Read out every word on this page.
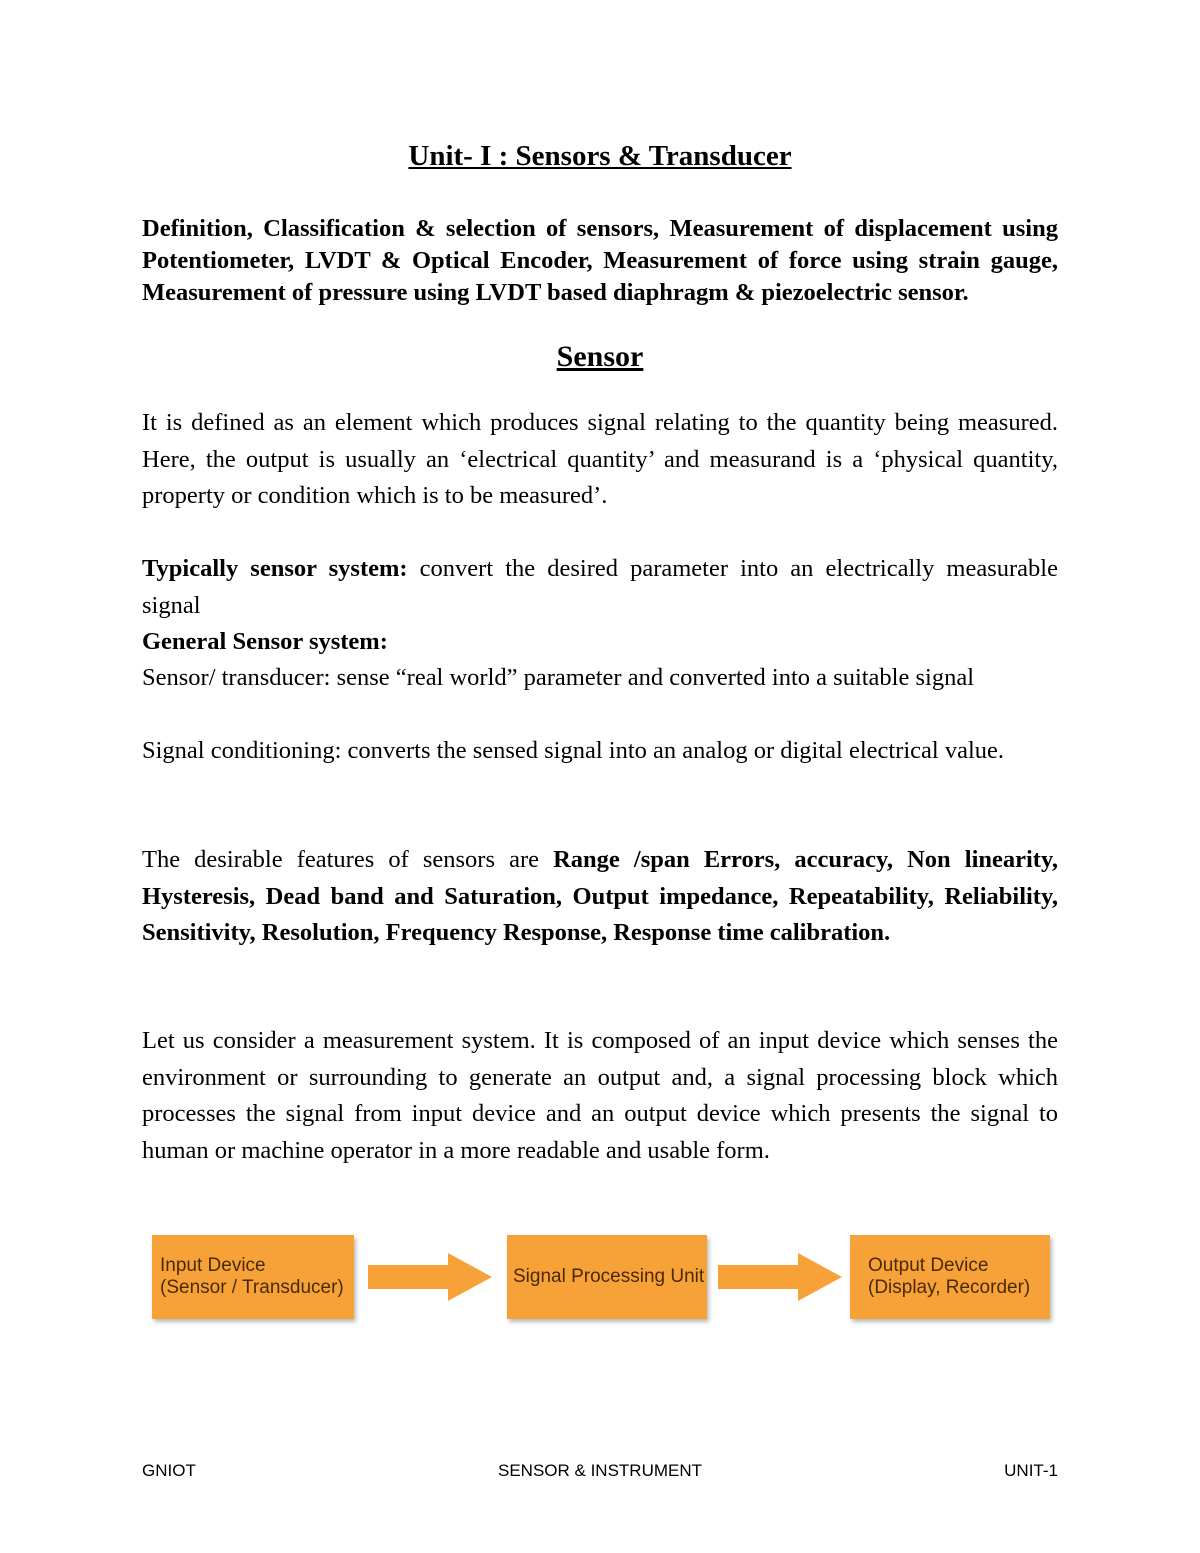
Unit- I : Sensors & Transducer

Definition, Classification & selection of sensors, Measurement of displacement using Potentiometer, LVDT & Optical Encoder, Measurement of force using strain gauge, Measurement of pressure using LVDT based diaphragm & piezoelectric sensor.

Sensor

It is defined as an element which produces signal relating to the quantity being measured. Here, the output is usually an ‘electrical quantity’ and measurand is a ‘physical quantity, property or condition which is to be measured’.

Typically sensor system: convert the desired parameter into an electrically measurable signal

General Sensor system:

Sensor/ transducer: sense “real world” parameter and converted into a suitable signal

Signal conditioning: converts the sensed signal into an analog or digital electrical value.

The desirable features of sensors are Range /span Errors, accuracy, Non linearity, Hysteresis, Dead band and Saturation, Output impedance, Repeatability, Reliability, Sensitivity, Resolution, Frequency Response, Response time calibration.

Let us consider a measurement system. It is composed of an input device which senses the environment or surrounding to generate an output and, a signal processing block which processes the signal from input device and an output device which presents the signal to human or machine operator in a more readable and usable form.

Input Device
(Sensor / Transducer)
Signal Processing Unit
Output Device
(Display, Recorder)

GNIOT	SENSOR & INSTRUMENT	UNIT-1
